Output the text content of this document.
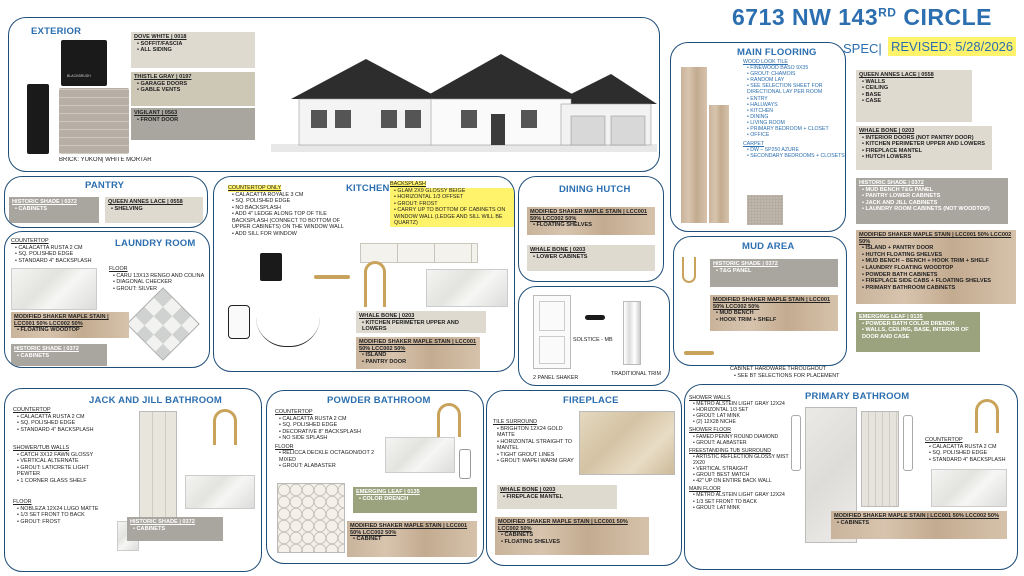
6713 NW 143RD CIRCLE
SPEC| REVISED: 5/28/2026
EXTERIOR
BLACKBRUSH
BRICK: YUKON| WHITE MORTAR
DOVE WHITE | 0018
• SOFFIT/FASCIA
• ALL SIDING
THISTLE GRAY | 0197
• GARAGE DOORS
• GABLE VENTS
VIGILANT | 0563
• FRONT DOOR
PANTRY
HISTORIC SHADE | 0372
• CABINETS
QUEEN ANNES LACE | 0558
• SHELVING
LAUNDRY ROOM
COUNTERTOP
• CALACATTA RUSTA 2 CM
• SQ. POLISHED EDGE
• STANDARD 4" BACKSPLASH
FLOOR
• CARU 13X13 RENGO AND COLINA
• DIAGONAL CHECKER
• GROUT: SILVER
MODIFIED SHAKER MAPLE STAIN | LCC001 50% LCC002 50%
• FLOATING WOODTOP
HISTORIC SHADE | 0372
• CABINETS
KITCHEN
COUNTERTOP ONLY
• CALACATTA ROYALE 3 CM
• SQ. POLISHED EDGE
• NO BACKSPLASH
• ADD 4" LEDGE ALONG TOP OF TILE BACKSPLASH (CONNECT TO BOTTOM OF UPPER CABINETS) ON THE WINDOW WALL
• ADD SILL FOR WINDOW
BACKSPLASH
• GLAM 2X9 GLOSSY BEIGE
• HORIZONTAL 1/3 OFFSET
• GROUT: FROST
• CARRY UP TO BOTTOM OF CABINETS ON WINDOW WALL (LEDGE AND SILL WILL BE QUARTZ)
WHALE BONE | 0203
• KITCHEN PERIMETER UPPER AND LOWERS
MODIFIED SHAKER MAPLE STAIN | LCC001 50% LCC002 50%
• ISLAND
• PANTRY DOOR
DINING HUTCH
MODIFIED SHAKER MAPLE STAIN | LCC001 50% LCC002 50%
• FLOATING SHELVES
WHALE BONE | 0203
• LOWER CABINETS
2 PANEL SHAKER
SOLSTICE - MB
TRADITIONAL TRIM
MAIN FLOORING
WOOD LOOK TILE
• FINEWOOD BASO 9X35
• GROUT: CHAMOIS
• RANDOM LAY
• SEE SELECTION SHEET FOR DIRECTIONAL LAY PER ROOM
• ENTRY
• HALLWAYS
• KITCHEN
• DINING
• LIVING ROOM
• PRIMARY BEDROOM + CLOSET
• OFFICE
CARPET
• DW – SP250 AZURE
• SECONDARY BEDROOMS + CLOSETS
MUD AREA
HISTORIC SHADE | 0372
• T&G PANEL
MODIFIED SHAKER MAPLE STAIN | LCC001 50% LCC002 50%
• MUD BENCH
• HOOK TRIM + SHELF
CABINET HARDWARE THROUGHOUT
• SEE BT SELECTIONS FOR PLACEMENT
QUEEN ANNES LACE | 0558
• WALLS
• CEILING
• BASE
• CASE
WHALE BONE | 0203
• INTERIOR DOORS (NOT PANTRY DOOR)
• KITCHEN PERIMETER UPPER AND LOWERS
• FIREPLACE MANTEL
• HUTCH LOWERS
HISTORIC SHADE | 0372
• MUD BENCH T&G PANEL
• PANTRY LOWER CABINETS
• JACK AND JILL CABINETS
• LAUNDRY ROOM CABINETS (NOT WOODTOP)
MODIFIED SHAKER MAPLE STAIN | LCC001 50% LCC002 50%
• ISLAND + PANTRY DOOR
• HUTCH FLOATING SHELVES
• MUD BENCH – BENCH + HOOK TRIM + SHELF
• LAUNDRY FLOATING WOODTOP
• POWDER BATH CABINETS
• FIREPLACE SIDE CABS + FLOATING SHELVES
• PRIMARY BATHROOM CABINETS
EMERGING LEAF | 0135
• POWDER BATH COLOR DRENCH
• WALLS, CEILING, BASE, INTERIOR OF DOOR AND CASE
JACK AND JILL BATHROOM
COUNTERTOP
• CALACATTA RUSTA 2 CM
• SQ. POLISHED EDGE
• STANDARD 4" BACKSPLASH
SHOWER/TUB WALLS
• CATCH 3X12 FAWN GLOSSY
• VERTICAL ALTERNATE
• GROUT: LATICRETE LIGHT PEWTER
• 1 CORNER GLASS SHELF
FLOOR
• NOBLEZA 12X24 LUGO MATTE
• 1/3 SET FRONT TO BACK
• GROUT: FROST	HISTORIC SHADE | 0372
• CABINETS
POWDER BATHROOM
COUNTERTOP
• CALACATTA RUSTA 2 CM
• SQ. POLISHED EDGE
• DECORATIVE 8" BACKSPLASH
• NO SIDE SPLASH
FLOOR
• RELICCA DECKLE OCTAGON/DOT 2 MIXED
• GROUT: ALABASTER
EMERGING LEAF | 0135
• COLOR DRENCH
MODIFIED SHAKER MAPLE STAIN | LCC001 50% LCC002 50%
• CABINET
FIREPLACE
TILE SURROUND
• BRIGHTON 12X24 GOLD MATTE
• HORIZONTAL STRAIGHT TO MANTEL
• TIGHT GROUT LINES
• GROUT: MAPEI WARM GRAY
WHALE BONE | 0203
• FIREPLACE MANTEL
MODIFIED SHAKER MAPLE STAIN | LCC001 50% LCC002 50%
• CABINETS
• FLOATING SHELVES
PRIMARY BATHROOM
SHOWER WALLS
• METRO ALSTEIN LIGHT GRAY 12X24
• HORIZONTAL 1/3 SET
• GROUT: LAT MINK
• (2) 12X28 NICHE
SHOWER FLOOR
• FAMED PENNY ROUND DIAMOND
• GROUT: ALABASTER
FREESTANDING TUB SURROUND
• ARTISTIC REFLECTION GLOSSY MIST 2X20
• VERTICAL STRAIGHT
• GROUT: BEST MATCH
• 42" UP ON ENTIRE BACK WALL
MAIN FLOOR
• METRO ALSTEIN LIGHT GRAY 12X24
• 1/3 SET FRONT TO BACK
• GROUT: LAT MINK
COUNTERTOP
• CALACATTA RUSTA 2 CM
• SQ. POLISHED EDGE
• STANDARD 4" BACKSPLASH
MODIFIED SHAKER MAPLE STAIN | LCC001 50% LCC002 50%
• CABINETS
